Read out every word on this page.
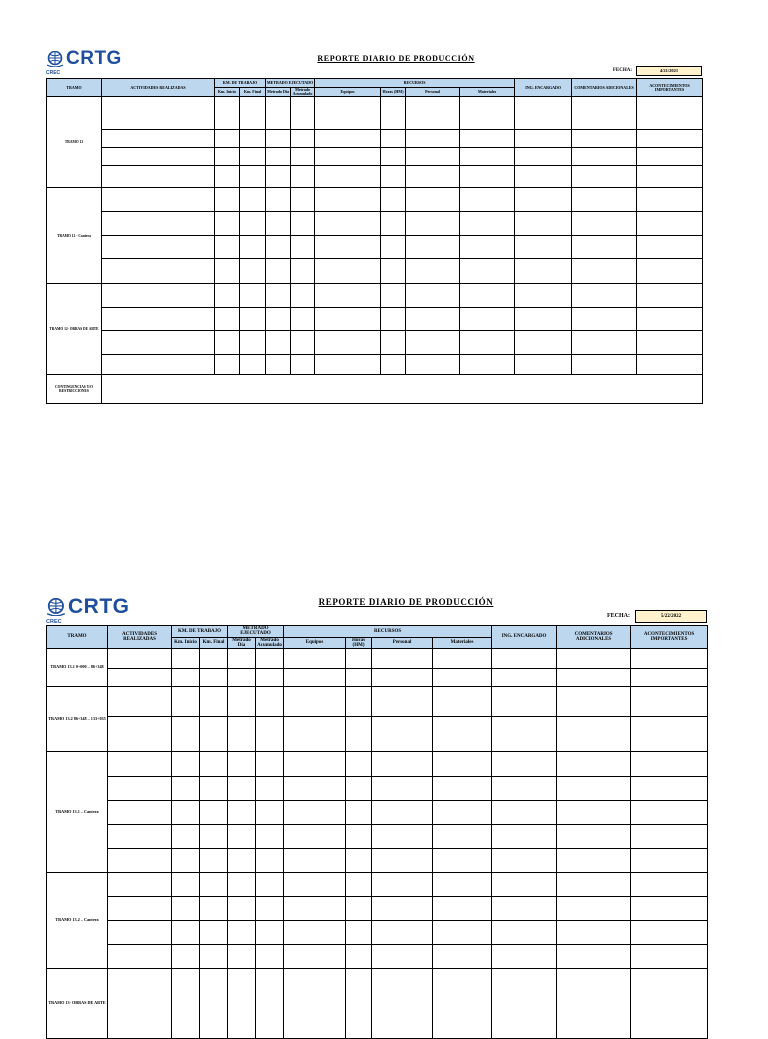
CRTG
CREC
REPORTE DIARIO DE PRODUCCIÓN
FECHA:	4/21/2021
TRAMO	ACTIVIDADES REALIZADAS	KM. DE TRABAJO		METRADO EJECUTADO		RECURSOS				ING. ENCARGADO	COMENTARIOS ADICIONALES	ACONTECIMIENTOS IMPORTANTES
		Km. Inicio	Km. Final	Metrado Día	Metrado Acumulado	Equipos	Horas (HM)	Personal	Materiales			
TRAMO 12												

TRAMO 12 - Cantera												

TRAMO 12- OBRAS DE ARTE												

CONTINGENCIAS Y/O RESTRICCIONES												
CRTG
CREC
REPORTE DIARIO DE PRODUCCIÓN
FECHA:	5/22/2022
TRAMO	ACTIVIDADES REALIZADAS	KM. DE TRABAJO		METRADO EJECUTADO		RECURSOS				ING. ENCARGADO	COMENTARIOS ADICIONALES	ACONTECIMIENTOS IMPORTANTES
		Km. Inicio	Km. Final	Metrado Día	Metrado Acumulado	Equipos	Horas (HM)	Personal	Materiales			
TRAMO 13.1 0+000 – 86+348												

TRAMO 13.2 86+348 – 133+035												

TRAMO 13.1 – Cantera												

TRAMO 13.2 – Cantera												

TRAMO 13- OBRAS DE ARTE												
